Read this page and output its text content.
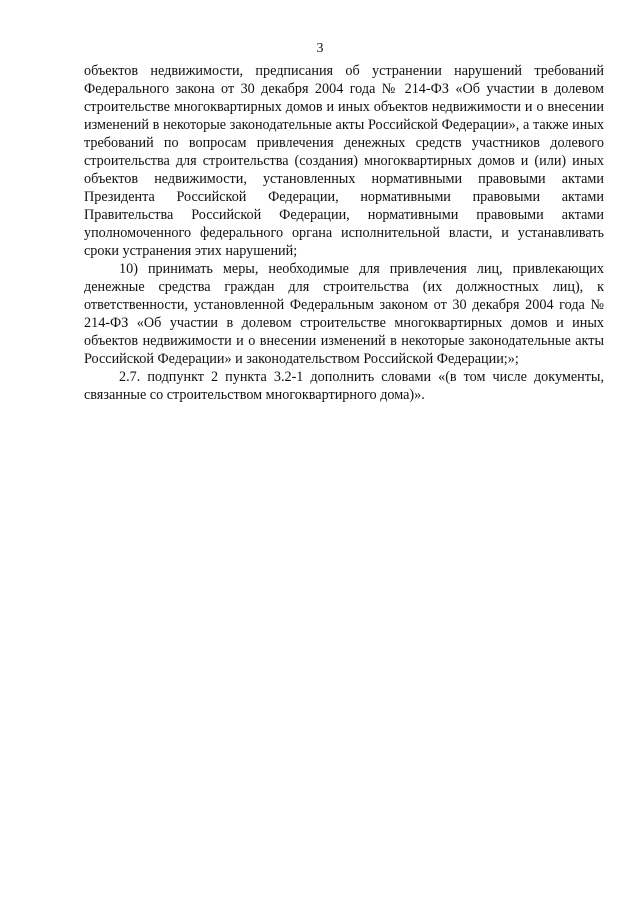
3

объектов недвижимости, предписания об устранении нарушений требований Федерального закона от 30 декабря 2004 года № 214-ФЗ «Об участии в долевом строительстве многоквартирных домов и иных объектов недвижимости и о внесении изменений в некоторые законодательные акты Российской Федерации», а также иных требований по вопросам привлечения денежных средств участников долевого строительства для строительства (создания) многоквартирных домов и (или) иных объектов недвижимости, установленных нормативными правовыми актами Президента Российской Федерации, нормативными правовыми актами Правительства Российской Федерации, нормативными правовыми актами уполномоченного федерального органа исполнительной власти, и устанавливать сроки устранения этих нарушений;

10) принимать меры, необходимые для привлечения лиц, привлекающих денежные средства граждан для строительства (их должностных лиц), к ответственности, установленной Федеральным законом от 30 декабря 2004 года № 214-ФЗ «Об участии в долевом строительстве многоквартирных домов и иных объектов недвижимости и о внесении изменений в некоторые законодательные акты Российской Федерации» и законодательством Российской Федерации;»;

2.7. подпункт 2 пункта 3.2-1 дополнить словами «(в том числе документы, связанные со строительством многоквартирного дома)».
